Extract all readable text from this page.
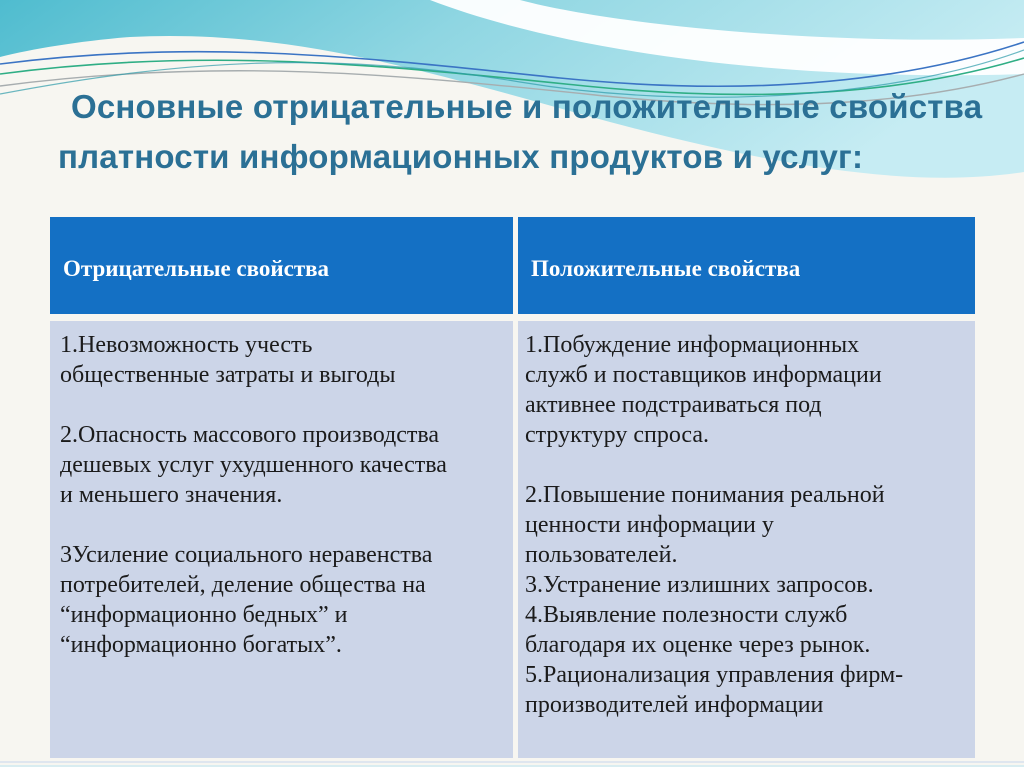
Основные отрицательные и положительные свойства
платности информационных продуктов и услуг:
Отрицательные свойства
1.Невозможность учесть
общественные затраты и выгоды

2.Опасность массового производства
дешевых услуг ухудшенного качества
и меньшего значения.

3Усиление социального неравенства
потребителей, деление общества на
“информационно бедных” и
“информационно богатых”.
Положительные свойства
1.Побуждение информационных
служб и поставщиков информации
активнее подстраиваться под
структуру спроса.

2.Повышение понимания реальной
ценности информации у
пользователей.
3.Устранение излишних запросов.
4.Выявление полезности служб
благодаря их оценке через рынок.
5.Рационализация управления фирм-
производителей информации
